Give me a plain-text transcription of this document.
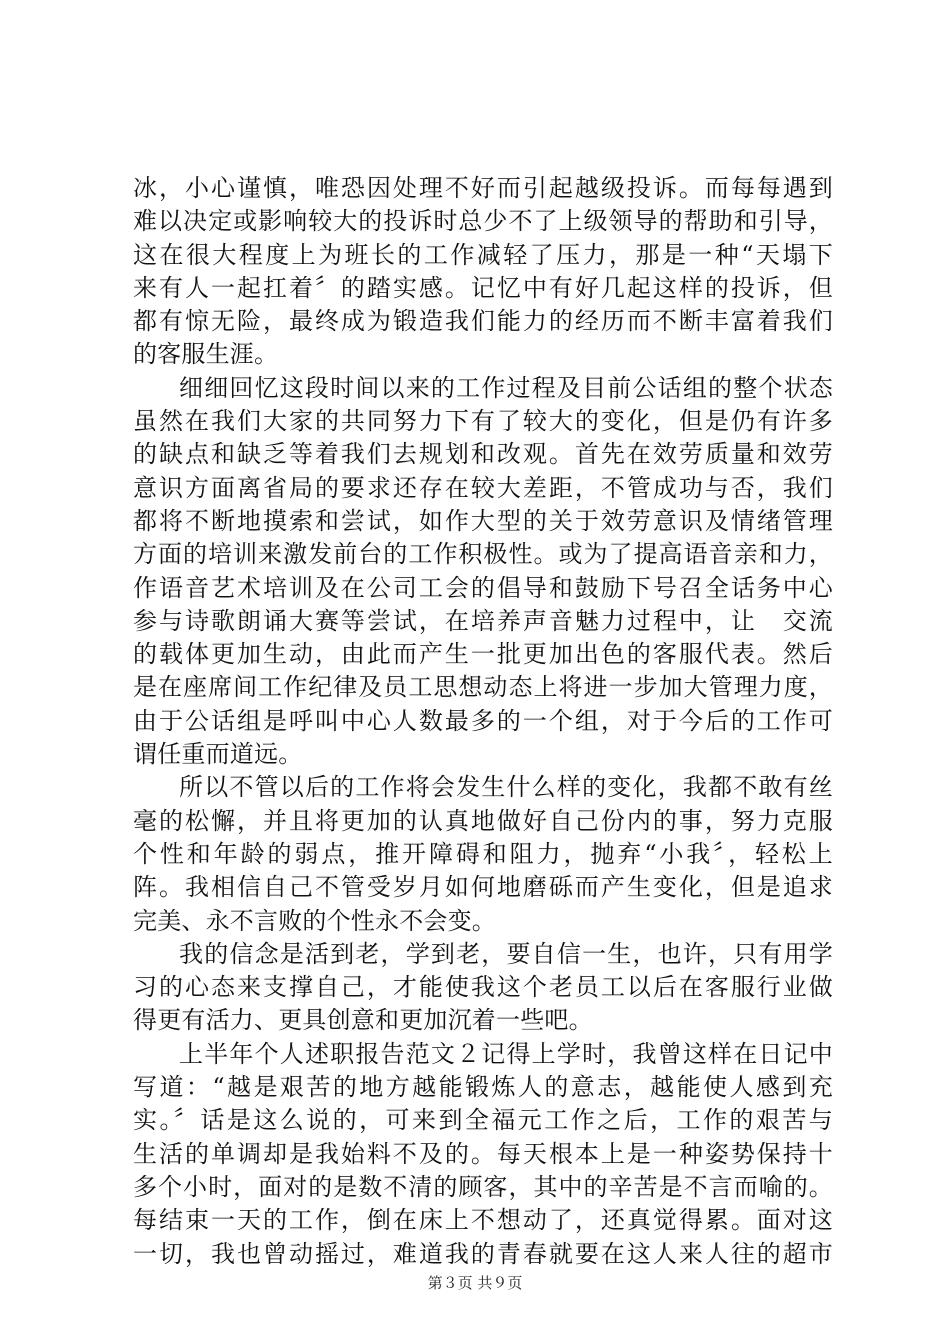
冰，小心谨慎，唯恐因处理不好而引起越级投诉。而每每遇到
难以决定或影响较大的投诉时总少不了上级领导的帮助和引导，
这在很大程度上为班长的工作减轻了压力，那是一种“天塌下
来有人一起扛着〞的踏实感。记忆中有好几起这样的投诉，但
都有惊无险，最终成为锻造我们能力的经历而不断丰富着我们
的客服生涯。
细细回忆这段时间以来的工作过程及目前公话组的整个状态
虽然在我们大家的共同努力下有了较大的变化，但是仍有许多
的缺点和缺乏等着我们去规划和改观。首先在效劳质量和效劳
意识方面离省局的要求还存在较大差距，不管成功与否，我们
都将不断地摸索和尝试，如作大型的关于效劳意识及情绪管理
方面的培训来激发前台的工作积极性。或为了提高语音亲和力，
作语音艺术培训及在公司工会的倡导和鼓励下号召全话务中心
参与诗歌朗诵大赛等尝试，在培养声音魅力过程中，让　交流
的载体更加生动，由此而产生一批更加出色的客服代表。然后
是在座席间工作纪律及员工思想动态上将进一步加大管理力度，
由于公话组是呼叫中心人数最多的一个组，对于今后的工作可
谓任重而道远。
所以不管以后的工作将会发生什么样的变化，我都不敢有丝
毫的松懈，并且将更加的认真地做好自己份内的事，努力克服
个性和年龄的弱点，推开障碍和阻力，抛弃“小我〞，轻松上
阵。我相信自己不管受岁月如何地磨砾而产生变化，但是追求
完美、永不言败的个性永不会变。
我的信念是活到老，学到老，要自信一生，也许，只有用学
习的心态来支撑自己，才能使我这个老员工以后在客服行业做
得更有活力、更具创意和更加沉着一些吧。
上半年个人述职报告范文２记得上学时，我曾这样在日记中
写道：“越是艰苦的地方越能锻炼人的意志，越能使人感到充
实。〞话是这么说的，可来到全福元工作之后，工作的艰苦与
生活的单调却是我始料不及的。每天根本上是一种姿势保持十
多个小时，面对的是数不清的顾客，其中的辛苦是不言而喻的。
每结束一天的工作，倒在床上不想动了，还真觉得累。面对这
一切，我也曾动摇过，难道我的青春就要在这人来人往的超市
第３页 共９页
